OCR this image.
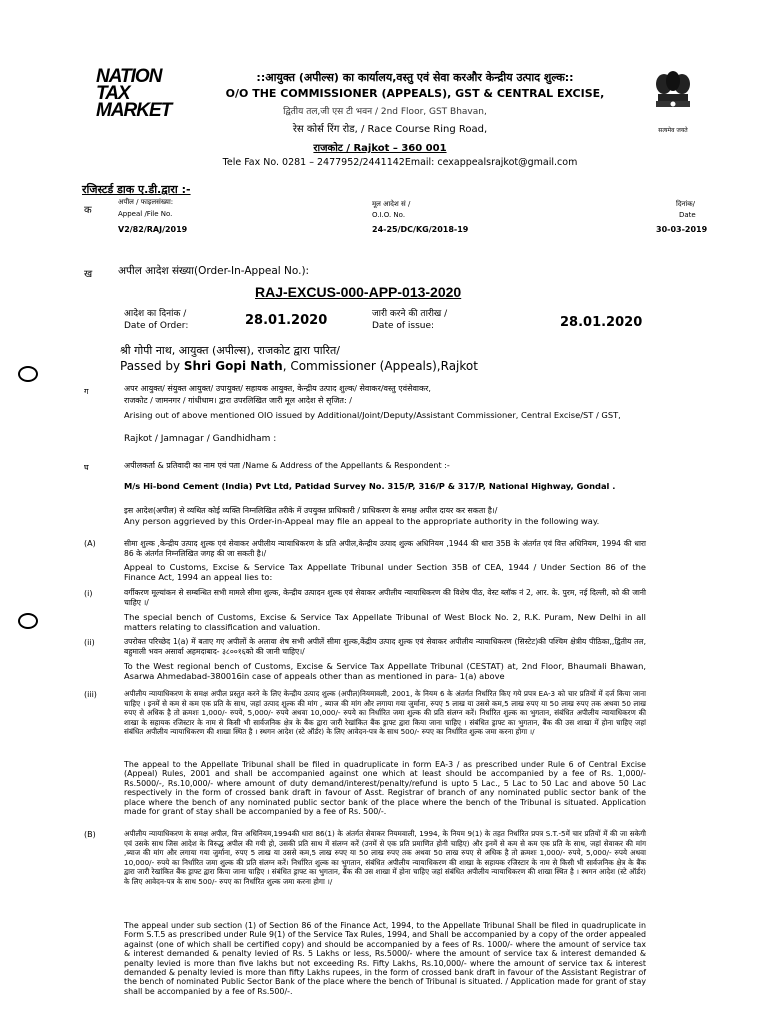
NATION
TAX
MARKET
सत्यमेव जयते
::आयुक्त (अपील्स) का कार्यालय,वस्तु एवं सेवा करऔर केन्द्रीय उत्पाद शुल्क::
O/O THE COMMISSIONER (APPEALS), GST & CENTRAL EXCISE,
द्वितीय तल,जी एस टी भवन / 2nd Floor, GST Bhavan,
रेस कोर्स रिंग रोड, / Race Course Ring Road,
राजकोट / Rajkot – 360 001
Tele Fax No. 0281 – 2477952/2441142Email: cexappealsrajkot@gmail.com
रजिस्टर्ड डाक ए.डी.द्वारा :-
क
अपील / फाइलसंख्या:
Appeal /File No.
V2/82/RAJ/2019
मूल आदेश सं /
O.I.O. No.
24-25/DC/KG/2018-19
दिनांक/
Date
30-03-2019
ख अपील आदेश संख्या(Order-In-Appeal No.):
RAJ-EXCUS-000-APP-013-2020
आदेश का दिनांक /
Date of Order:	28.01.2020	जारी करने की तारीख /
Date of issue:	28.01.2020
श्री गोपी नाथ, आयुक्त (अपील्स), राजकोट द्वारा पारित/
Passed by Shri Gopi Nath, Commissioner (Appeals),Rajkot
ग	अपर आयुक्त/ संयुक्त आयुक्त/ उपायुक्त/ सहायक आयुक्त, केन्द्रीय उत्पाद शुल्क/ सेवाकर/वस्तु एवंसेवाकर,
राजकोट / जामनगर / गांधीधाम। द्वारा उपरलिखित जारी मूल आदेश से सृजित: /
Arising out of above mentioned OIO issued by Additional/Joint/Deputy/Assistant Commissioner, Central Excise/ST / GST,
Rajkot / Jamnagar / Gandhidham :
घ	अपीलकर्ता & प्रतिवादी का नाम एवं पता /Name & Address of the Appellants & Respondent :-
M/s Hi-bond Cement (India) Pvt Ltd, Patidad Survey No. 315/P, 316/P & 317/P, National Highway, Gondal .
इस आदेश(अपील) से व्यथित कोई व्यक्ति निम्नलिखित तरीके में उपयुक्त प्राधिकारी / प्राधिकरण के समक्ष अपील दायर कर सकता है।/
Any person aggrieved by this Order-in-Appeal may file an appeal to the appropriate authority in the following way.
(A)	सीमा शुल्क ,केन्द्रीय उत्पाद शुल्क एवं सेवाकर अपीलीय न्यायाधिकरण के प्रति अपील,केन्द्रीय उत्पाद शुल्क अधिनियम ,1944 की धारा 35B के अंतर्गत एवं वित्त अधिनियम, 1994 की धारा 86 के अंतर्गत निम्नलिखित जगह की जा सकती है।/
Appeal to Customs, Excise & Service Tax Appellate Tribunal under Section 35B of CEA, 1944 / Under Section 86 of the Finance Act, 1994 an appeal lies to:
(i)	वर्गीकरण मूल्यांकन से सम्बन्धित सभी मामले सीमा शुल्क, केन्द्रीय उत्पादन शुल्क एवं सेवाकर अपीलीय न्यायाधिकरण की विशेष पीठ, वेस्ट ब्लॉक नं 2, आर. के. पुरम, नई दिल्ली, को की जानी चाहिए ।/
The special bench of Customs, Excise & Service Tax Appellate Tribunal of West Block No. 2, R.K. Puram, New Delhi in all matters relating to classification and valuation.
(ii)	उपरोक्त परिच्छेद 1(a) में बताए गए अपीलों के अलावा शेष सभी अपीलें सीमा शुल्क,केंद्रीय उत्पाद शुल्क एवं सेवाकर अपीलीय न्यायाधिकरण (सिस्टेट)की पश्चिम क्षेत्रीय पीठिका,,द्वितीय तल, बहुमाली भवन असार्वा अहमदाबाद- ३८००१६को की जानी चाहिए।/
To the West regional bench of Customs, Excise & Service Tax Appellate Tribunal (CESTAT) at, 2nd Floor, Bhaumali Bhawan, Asarwa Ahmedabad-380016in case of appeals other than as mentioned in para- 1(a) above
(iii)	अपीलीय न्यायाधिकरण के समक्ष अपील प्रस्तुत करने के लिए केन्द्रीय उत्पाद शुल्क (अपील)नियमावली, 2001, के नियम 6 के अंतर्गत निर्धारित किए गये प्रपत्र EA-3 को चार प्रतियों में दर्ज किया जाना चाहिए । इनमें से कम से कम एक प्रति के साथ, जहां उत्पाद शुल्क की मांग , ब्याज की मांग और लगाया गया जुर्माना, रुपए 5 लाख या उससे कम,5 लाख रुपए या 50 लाख रुपए तक अथवा 50 लाख रुपए से अधिक है तो क्रमशः 1,000/- रुपये, 5,000/- रुपये अथवा 10,000/- रुपये का निर्धारित जमा शुल्क की प्रति संलग्न करें। निर्धारित शुल्क का भुगतान, संबंधित अपीलीय न्यायाधिकरण की शाखा के सहायक रजिस्टार के नाम से किसी भी सार्वजनिक क्षेत्र के बैंक द्वारा जारी रेखांकित बैंक ड्राफ्ट द्वारा किया जाना चाहिए । संबंधित ड्राफ्ट का भुगतान, बैंक की उस शाखा में होना चाहिए जहां संबंधित अपीलीय न्यायाधिकरण की शाखा स्थित है । स्थगन आदेश (स्टे ऑर्डर) के लिए आवेदन-पत्र के साथ 500/- रुपए का निर्धारित शुल्क जमा करना होगा ।/
The appeal to the Appellate Tribunal shall be filed in quadruplicate in form EA-3 / as prescribed under Rule 6 of Central Excise (Appeal) Rules, 2001 and shall be accompanied against one which at least should be accompanied by a fee of Rs. 1,000/- Rs.5000/-, Rs.10,000/- where amount of duty demand/interest/penalty/refund is upto 5 Lac., 5 Lac to 50 Lac and above 50 Lac respectively in the form of crossed bank draft in favour of Asst. Registrar of branch of any nominated public sector bank of the place where the bench of any nominated public sector bank of the place where the bench of the Tribunal is situated. Application made for grant of stay shall be accompanied by a fee of Rs. 500/-.
(B)	अपीलीय न्यायाधिकरण के समक्ष अपील, वित्त अधिनियम,1994की धारा 86(1) के अंतर्गत सेवाकर नियमवाली, 1994, के नियम 9(1) के तहत निर्धारित प्रपत्र S.T.-5में चार प्रतियों में की जा सकेगी एवं उसके साथ जिस आदेश के विरुद्ध अपील की गयी हो, उसकी प्रति साथ में संलग्न करें (उनमें से एक प्रति प्रमाणित होनी चाहिए) और इनमें से कम से कम एक प्रति के साथ, जहां सेवाकर की मांग ,ब्याज की मांग और लगाया गया जुर्माना, रुपए 5 लाख या उससे कम,5 लाख रुपए या 50 लाख रुपए तक अथवा 50 लाख रुपए से अधिक है तो क्रमशः 1,000/- रुपये, 5,000/- रुपये अथवा 10,000/- रुपये का निर्धारित जमा शुल्क की प्रति संलग्न करें। निर्धारित शुल्क का भुगतान, संबंधित अपीलीय न्यायाधिकरण की शाखा के सहायक रजिस्टार के नाम से किसी भी सार्वजनिक क्षेत्र के बैंक द्वारा जारी रेखांकित बैंक ड्राफ्ट द्वारा किया जाना चाहिए । संबंधित ड्राफ्ट का भुगतान, बैंक की उस शाखा में होना चाहिए जहां संबंधित अपीलीय न्यायाधिकरण की शाखा स्थित है । स्थगन आदेश (स्टे ऑर्डर) के लिए आवेदन-पत्र के साथ 500/- रुपए का निर्धारित शुल्क जमा करना होगा ।/
The appeal under sub section (1) of Section 86 of the Finance Act, 1994, to the Appellate Tribunal Shall be filed in quadruplicate in Form S.T.5 as prescribed under Rule 9(1) of the Service Tax Rules, 1994, and Shall be accompanied by a copy of the order appealed against (one of which shall be certified copy) and should be accompanied by a fees of Rs. 1000/- where the amount of service tax & interest demanded & penalty levied of Rs. 5 Lakhs or less, Rs.5000/- where the amount of service tax & interest demanded & penalty levied is more than five lakhs but not exceeding Rs. Fifty Lakhs, Rs.10,000/- where the amount of service tax & interest demanded & penalty levied is more than fifty Lakhs rupees, in the form of crossed bank draft in favour of the Assistant Registrar of the bench of nominated Public Sector Bank of the place where the bench of Tribunal is situated. / Application made for grant of stay shall be accompanied by a fee of Rs.500/-.
